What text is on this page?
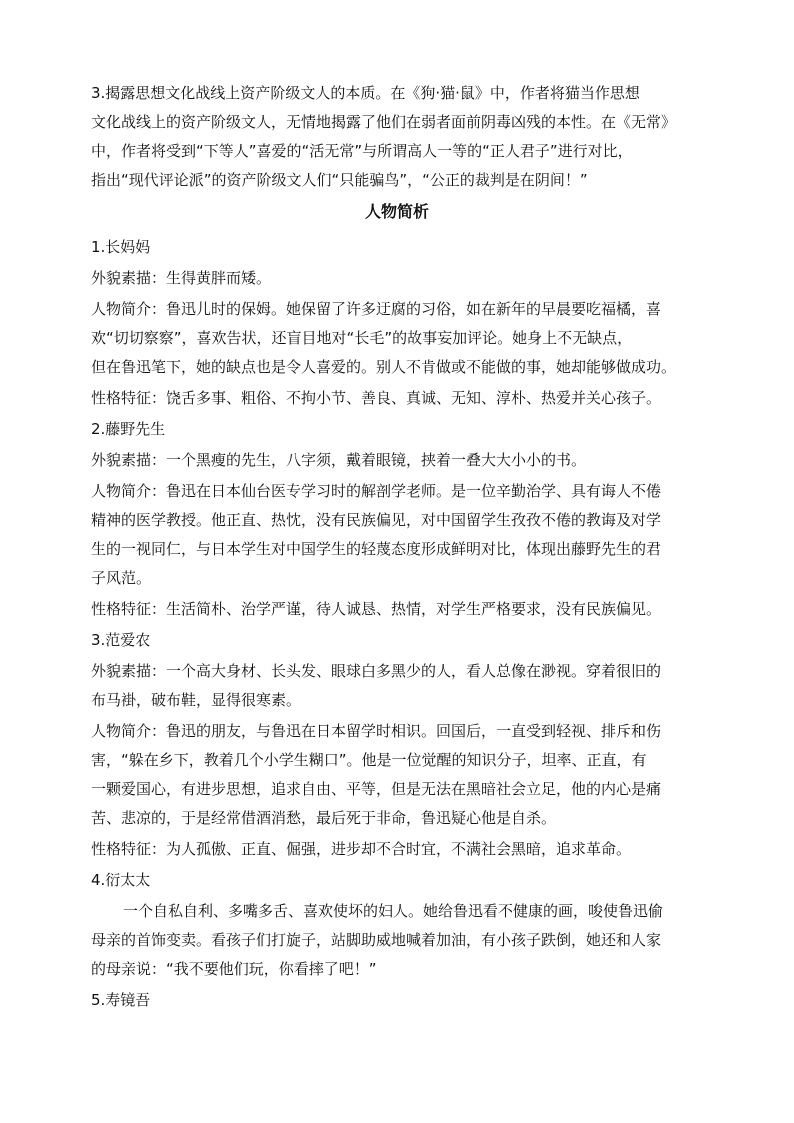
3.揭露思想文化战线上资产阶级文人的本质。在《狗·猫·鼠》中，作者将猫当作思想
文化战线上的资产阶级文人，无情地揭露了他们在弱者面前阴毒凶残的本性。在《无常》
中，作者将受到“下等人”喜爱的“活无常”与所谓高人一等的“正人君子”进行对比，
指出“现代评论派”的资产阶级文人们“只能骗鸟”，“公正的裁判是在阴间！”
人物简析
1.长妈妈
外貌素描：生得黄胖而矮。
人物简介：鲁迅儿时的保姆。她保留了许多迂腐的习俗，如在新年的早晨要吃福橘，喜
欢“切切察察”，喜欢告状，还盲目地对“长毛”的故事妄加评论。她身上不无缺点，
但在鲁迅笔下，她的缺点也是令人喜爱的。别人不肯做或不能做的事，她却能够做成功。
性格特征：饶舌多事、粗俗、不拘小节、善良、真诚、无知、淳朴、热爱并关心孩子。
2.藤野先生
外貌素描：一个黑瘦的先生，八字须，戴着眼镜，挟着一叠大大小小的书。
人物简介：鲁迅在日本仙台医专学习时的解剖学老师。是一位辛勤治学、具有诲人不倦
精神的医学教授。他正直、热忱，没有民族偏见，对中国留学生孜孜不倦的教诲及对学
生的一视同仁，与日本学生对中国学生的轻蔑态度形成鲜明对比，体现出藤野先生的君
子风范。
性格特征：生活简朴、治学严谨，待人诚恳、热情，对学生严格要求，没有民族偏见。
3.范爱农
外貌素描：一个高大身材、长头发、眼球白多黑少的人，看人总像在渺视。穿着很旧的
布马褂，破布鞋，显得很寒素。
人物简介：鲁迅的朋友，与鲁迅在日本留学时相识。回国后，一直受到轻视、排斥和伤
害，“躲在乡下，教着几个小学生糊口”。他是一位觉醒的知识分子，坦率、正直，有
一颗爱国心，有进步思想，追求自由、平等，但是无法在黑暗社会立足，他的内心是痛
苦、悲凉的，于是经常借酒消愁，最后死于非命，鲁迅疑心他是自杀。
性格特征：为人孤傲、正直、倔强，进步却不合时宜，不满社会黑暗，追求革命。
4.衍太太
一个自私自利、多嘴多舌、喜欢使坏的妇人。她给鲁迅看不健康的画，唆使鲁迅偷
母亲的首饰变卖。看孩子们打旋子，站脚助威地喊着加油，有小孩子跌倒，她还和人家
的母亲说：“我不要他们玩，你看摔了吧！”
5.寿镜吾
